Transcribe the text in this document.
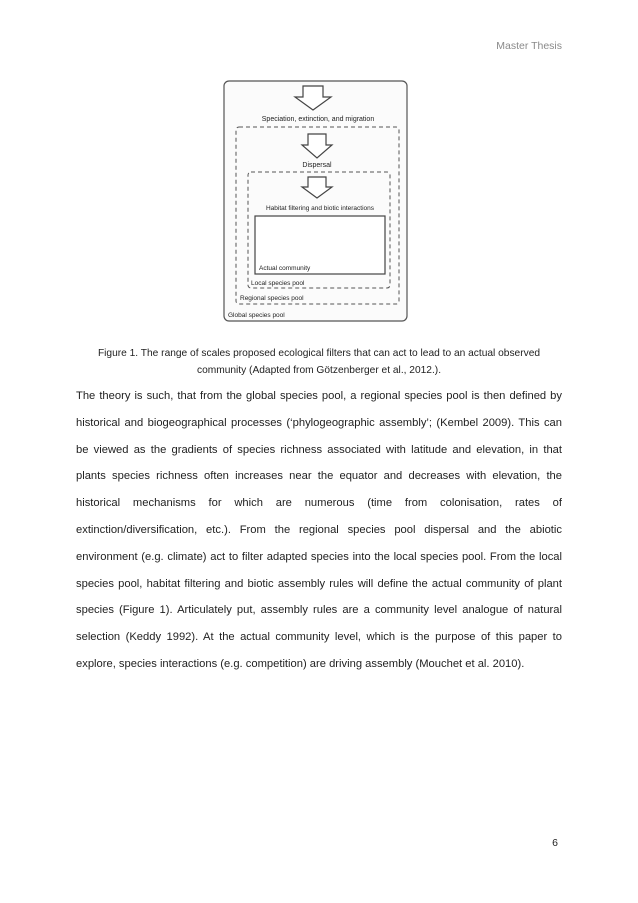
Master Thesis
Speciation, extinction, and migration
Dispersal
Habitat filtering and biotic interactions
Actual community
Local species pool
Regional species pool
Global species pool
Figure 1. The range of scales proposed ecological filters that can act to lead to an actual observed community (Adapted from Götzenberger et al., 2012.).

The theory is such, that from the global species pool, a regional species pool is then defined by historical and biogeographical processes (‘phylogeographic assembly’; (Kembel 2009). This can be viewed as the gradients of species richness associated with latitude and elevation, in that plants species richness often increases near the equator and decreases with elevation, the historical mechanisms for which are numerous (time from colonisation, rates of extinction/diversification, etc.). From the regional species pool dispersal and the abiotic environment (e.g. climate) act to filter adapted species into the local species pool. From the local species pool, habitat filtering and biotic assembly rules will define the actual community of plant species (Figure 1). Articulately put, assembly rules are a community level analogue of natural selection (Keddy 1992). At the actual community level, which is the purpose of this paper to explore, species interactions (e.g. competition) are driving assembly (Mouchet et al. 2010).

6
